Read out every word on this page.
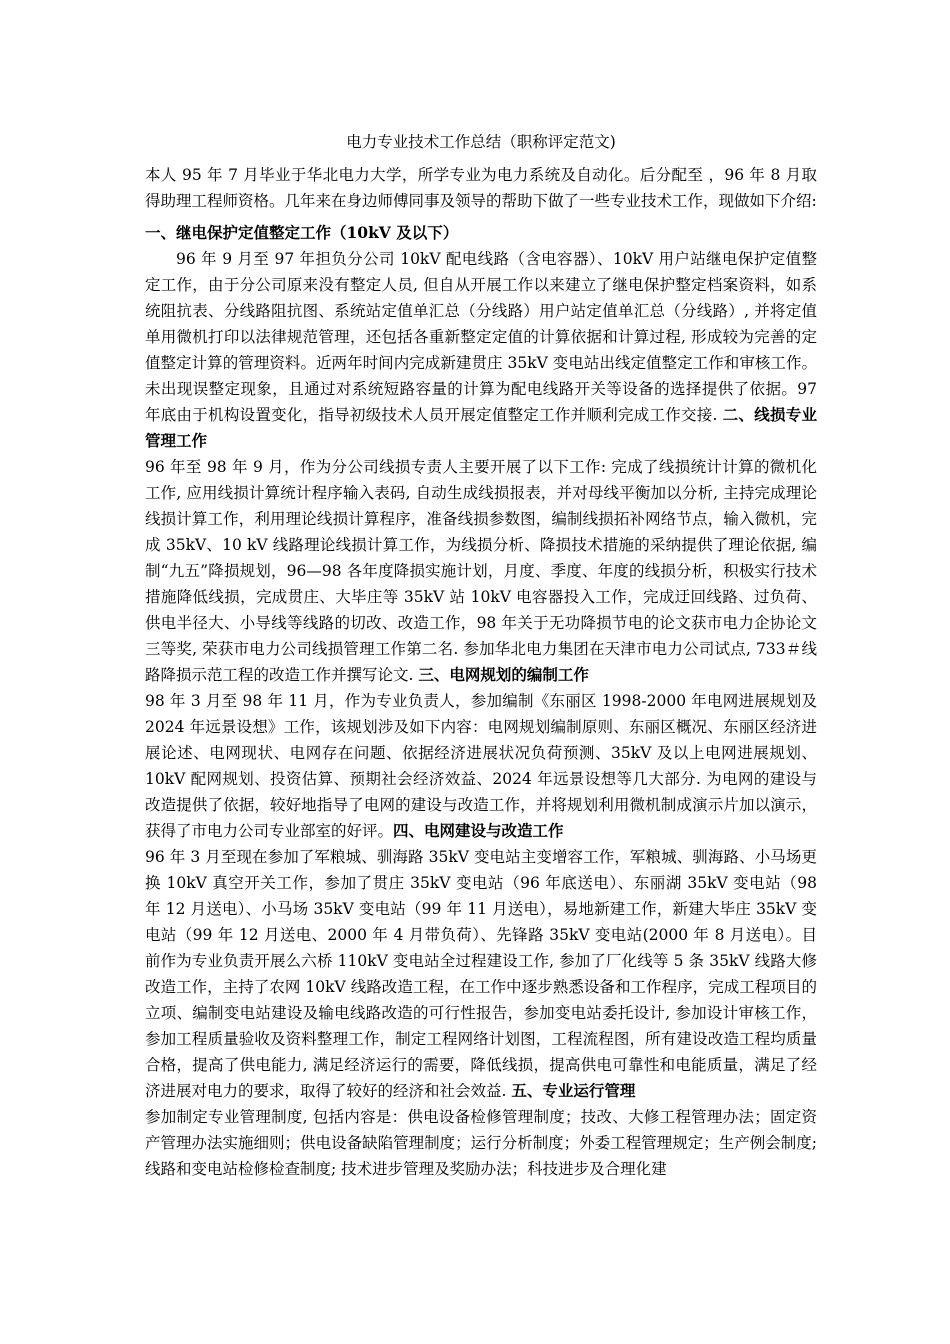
电力专业技术工作总结（职称评定范文)

本人 95 年 7 月毕业于华北电力大学，所学专业为电力系统及自动化。后分配至 ，96 年 8 月取得助理工程师资格。几年来在身边师傅同事及领导的帮助下做了一些专业技术工作，现做如下介绍:

一、继电保护定值整定工作（10kV 及以下）

96 年 9 月至 97 年担负分公司 10kV 配电线路（含电容器）、10kV 用户站继电保护定值整定工作，由于分公司原来没有整定人员, 但自从开展工作以来建立了继电保护整定档案资料，如系统阻抗表、分线路阻抗图、系统站定值单汇总（分线路）用户站定值单汇总（分线路）, 并将定值单用微机打印以法律规范管理，还包括各重新整定定值的计算依据和计算过程, 形成较为完善的定值整定计算的管理资料。近两年时间内完成新建贯庄 35kV 变电站出线定值整定工作和审核工作。未出现误整定现象，且通过对系统短路容量的计算为配电线路开关等设备的选择提供了依据。97 年底由于机构设置变化，指导初级技术人员开展定值整定工作并顺利完成工作交接. 二、线损专业管理工作

96 年至 98 年 9 月，作为分公司线损专责人主要开展了以下工作: 完成了线损统计计算的微机化工作, 应用线损计算统计程序输入表码, 自动生成线损报表，并对母线平衡加以分析, 主持完成理论线损计算工作，利用理论线损计算程序，准备线损参数图，编制线损拓补网络节点，输入微机，完成 35kV、10 kV 线路理论线损计算工作，为线损分析、降损技术措施的采纳提供了理论依据, 编制“九五”降损规划，96—98 各年度降损实施计划，月度、季度、年度的线损分析，积极实行技术措施降低线损，完成贯庄、大毕庄等 35kV 站 10kV 电容器投入工作，完成迂回线路、过负荷、供电半径大、小导线等线路的切改、改造工作，98 年关于无功降损节电的论文获市电力企协论文三等奖, 荣获市电力公司线损管理工作第二名. 参加华北电力集团在天津市电力公司试点, 733＃线路降损示范工程的改造工作并撰写论文. 三、电网规划的编制工作

98 年 3 月至 98 年 11 月，作为专业负责人，参加编制《东丽区 1998-2000 年电网进展规划及 2024 年远景设想》工作，该规划涉及如下内容：电网规划编制原则、东丽区概况、东丽区经济进展论述、电网现状、电网存在问题、依据经济进展状况负荷预测、35kV 及以上电网进展规划、10kV 配网规划、投资估算、预期社会经济效益、2024 年远景设想等几大部分. 为电网的建设与改造提供了依据，较好地指导了电网的建设与改造工作，并将规划利用微机制成演示片加以演示，获得了市电力公司专业部室的好评。四、电网建设与改造工作

96 年 3 月至现在参加了军粮城、驯海路 35kV 变电站主变增容工作，军粮城、驯海路、小马场更换 10kV 真空开关工作，参加了贯庄 35kV 变电站（96 年底送电）、东丽湖 35kV 变电站（98 年 12 月送电）、小马场 35kV 变电站（99 年 11 月送电），易地新建工作，新建大毕庄 35kV 变电站（99 年 12 月送电、2000 年 4 月带负荷）、先锋路 35kV 变电站(2000 年 8 月送电）。目前作为专业负责开展么六桥 110kV 变电站全过程建设工作, 参加了厂化线等 5 条 35kV 线路大修改造工作，主持了农网 10kV 线路改造工程，在工作中逐步熟悉设备和工作程序，完成工程项目的立项、编制变电站建设及输电线路改造的可行性报告，参加变电站委托设计, 参加设计审核工作，参加工程质量验收及资料整理工作，制定工程网络计划图，工程流程图，所有建设改造工程均质量合格，提高了供电能力, 满足经济运行的需要，降低线损，提高供电可靠性和电能质量，满足了经济进展对电力的要求，取得了较好的经济和社会效益. 五、专业运行管理

参加制定专业管理制度, 包括内容是：供电设备检修管理制度；技改、大修工程管理办法；固定资产管理办法实施细则；供电设备缺陷管理制度；运行分析制度；外委工程管理规定；生产例会制度; 线路和变电站检修检查制度; 技术进步管理及奖励办法；科技进步及合理化建
